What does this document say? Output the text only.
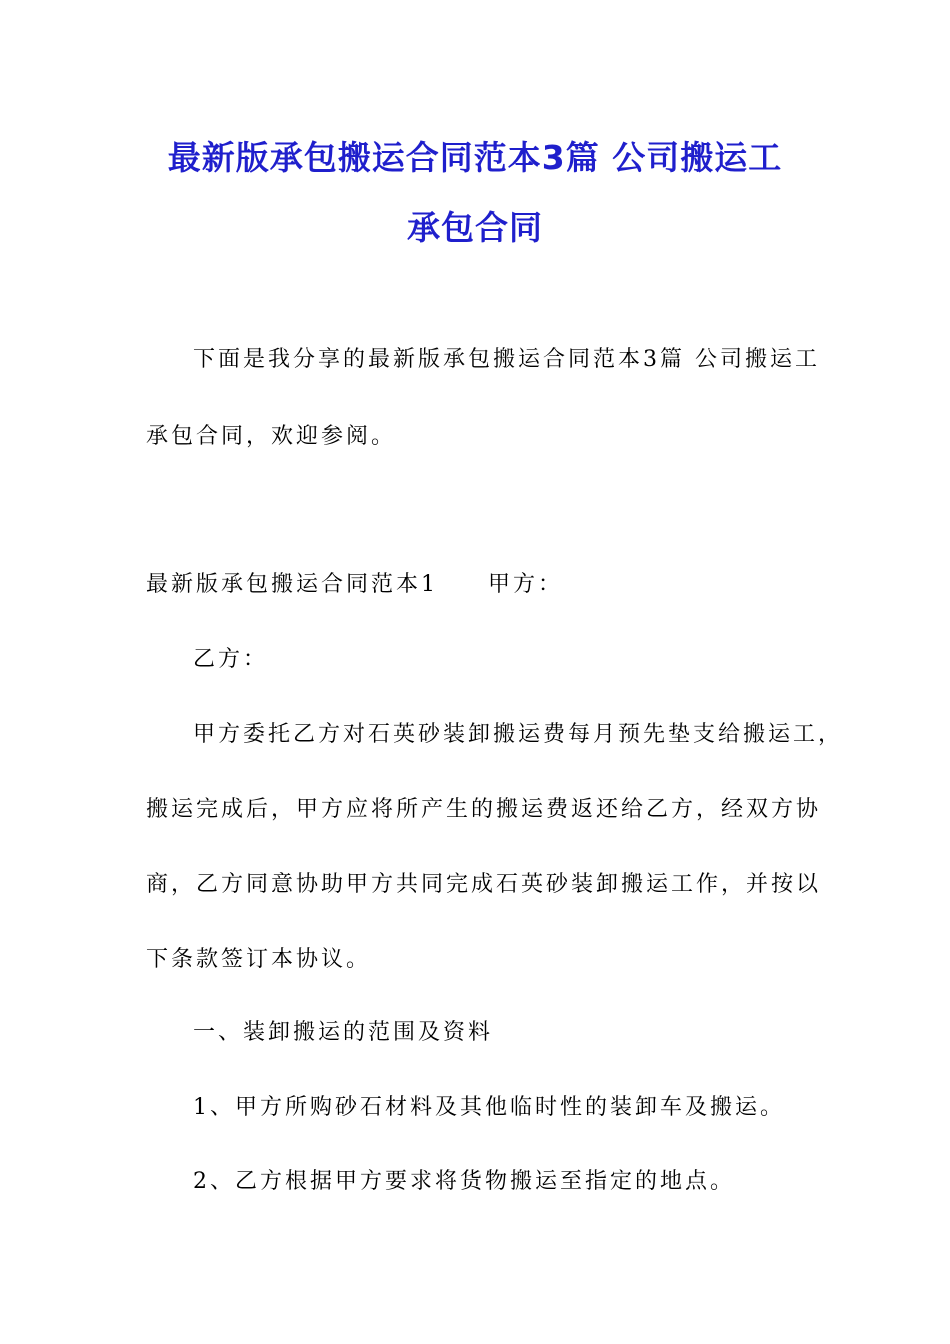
最新版承包搬运合同范本3篇 公司搬运工
承包合同
下面是我分享的最新版承包搬运合同范本3篇 公司搬运工
承包合同，欢迎参阅。
最新版承包搬运合同范本1 甲方：
乙方：
甲方委托乙方对石英砂装卸搬运费每月预先垫支给搬运工，
搬运完成后，甲方应将所产生的搬运费返还给乙方，经双方协
商，乙方同意协助甲方共同完成石英砂装卸搬运工作，并按以
下条款签订本协议。
一、装卸搬运的范围及资料
1、甲方所购砂石材料及其他临时性的装卸车及搬运。
2、乙方根据甲方要求将货物搬运至指定的地点。
